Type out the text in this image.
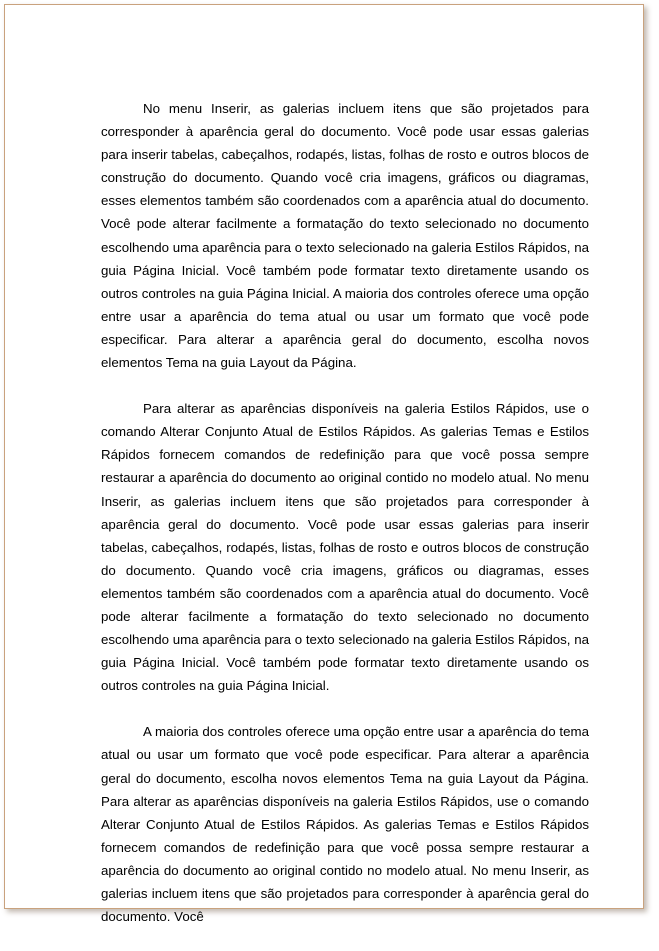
No menu Inserir, as galerias incluem itens que são projetados para corresponder à aparência geral do documento. Você pode usar essas galerias para inserir tabelas, cabeçalhos, rodapés, listas, folhas de rosto e outros blocos de construção do documento. Quando você cria imagens, gráficos ou diagramas, esses elementos também são coordenados com a aparência atual do documento. Você pode alterar facilmente a formatação do texto selecionado no documento escolhendo uma aparência para o texto selecionado na galeria Estilos Rápidos, na guia Página Inicial. Você também pode formatar texto diretamente usando os outros controles na guia Página Inicial. A maioria dos controles oferece uma opção entre usar a aparência do tema atual ou usar um formato que você pode especificar. Para alterar a aparência geral do documento, escolha novos elementos Tema na guia Layout da Página.

Para alterar as aparências disponíveis na galeria Estilos Rápidos, use o comando Alterar Conjunto Atual de Estilos Rápidos. As galerias Temas e Estilos Rápidos fornecem comandos de redefinição para que você possa sempre restaurar a aparência do documento ao original contido no modelo atual. No menu Inserir, as galerias incluem itens que são projetados para corresponder à aparência geral do documento. Você pode usar essas galerias para inserir tabelas, cabeçalhos, rodapés, listas, folhas de rosto e outros blocos de construção do documento. Quando você cria imagens, gráficos ou diagramas, esses elementos também são coordenados com a aparência atual do documento. Você pode alterar facilmente a formatação do texto selecionado no documento escolhendo uma aparência para o texto selecionado na galeria Estilos Rápidos, na guia Página Inicial. Você também pode formatar texto diretamente usando os outros controles na guia Página Inicial.

A maioria dos controles oferece uma opção entre usar a aparência do tema atual ou usar um formato que você pode especificar. Para alterar a aparência geral do documento, escolha novos elementos Tema na guia Layout da Página. Para alterar as aparências disponíveis na galeria Estilos Rápidos, use o comando Alterar Conjunto Atual de Estilos Rápidos. As galerias Temas e Estilos Rápidos fornecem comandos de redefinição para que você possa sempre restaurar a aparência do documento ao original contido no modelo atual. No menu Inserir, as galerias incluem itens que são projetados para corresponder à aparência geral do documento. Você
